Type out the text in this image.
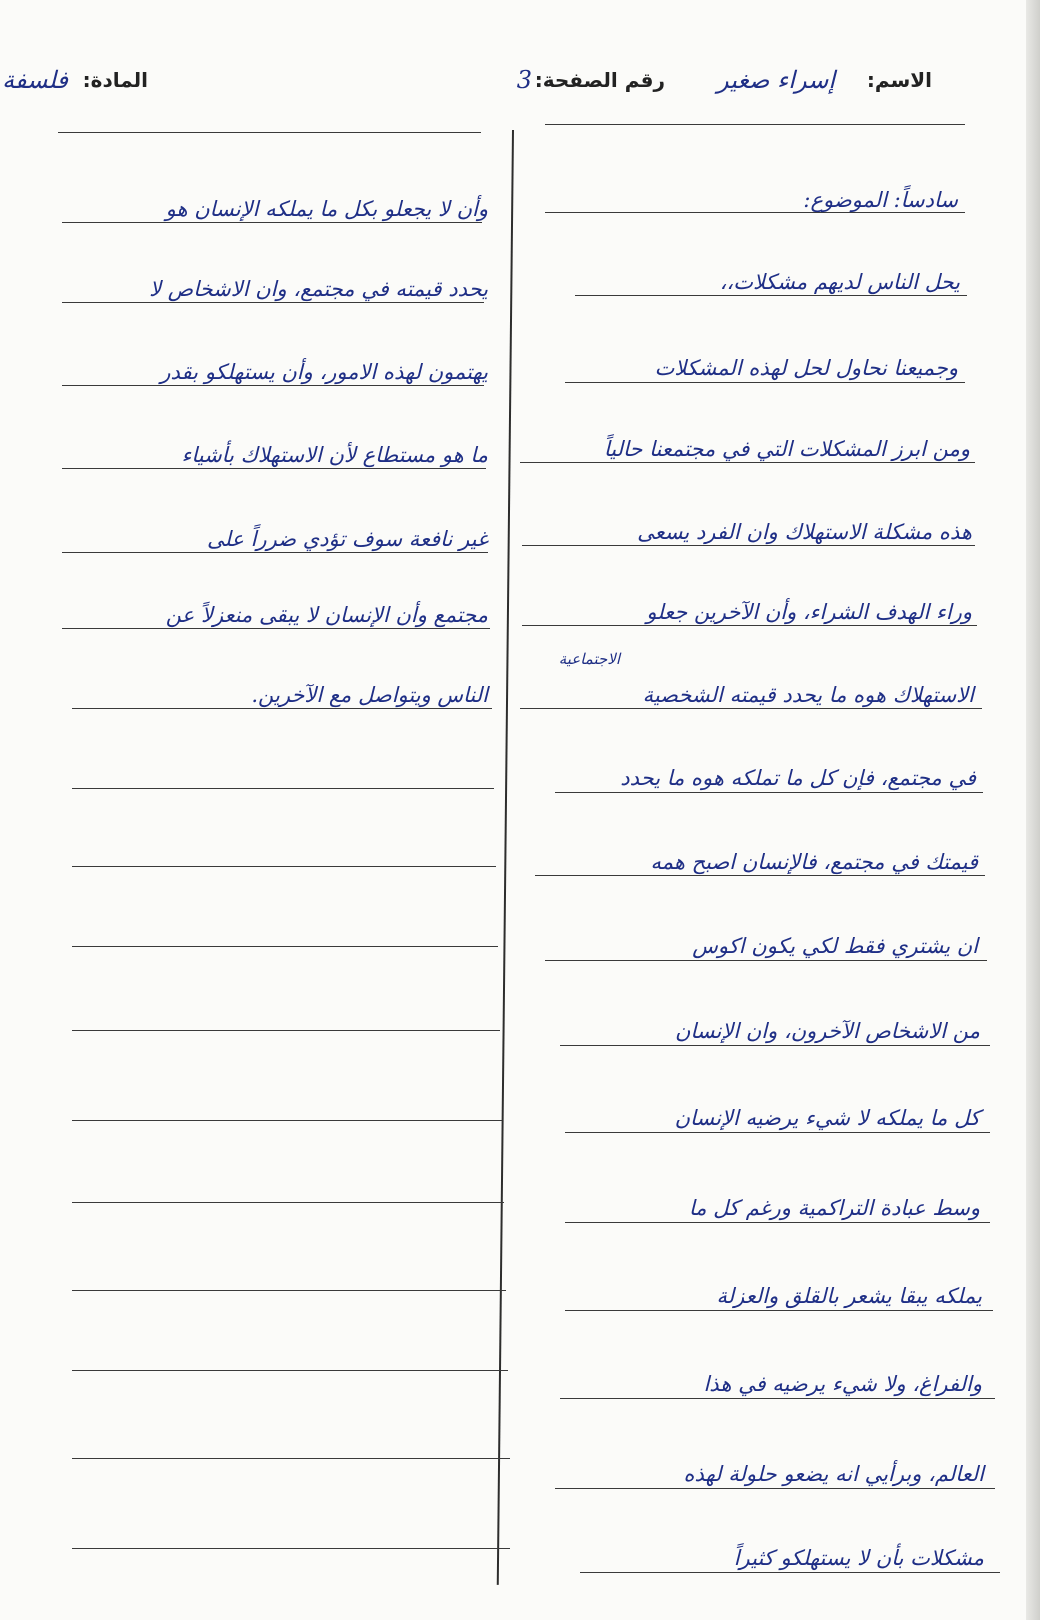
الاسم:
إسراء صغير
رقم الصفحة:
3
المادة:
فلسفة
سادساً: الموضوع:
يحل الناس لديهم مشكلات،،
وجميعنا نحاول لحل لهذه المشكلات
ومن ابرز المشكلات التي في مجتمعنا حالياً
هذه مشكلة الاستهلاك وان الفرد يسعى
وراء الهدف الشراء، وأن الآخرين جعلو
الاجتماعية
الاستهلاك هوه ما يحدد قيمته الشخصية
في مجتمع، فإن كل ما تملكه هوه ما يحدد
قيمتك في مجتمع، فالإنسان اصبح همه
ان يشتري فقط لكي يكون اكوس
من الاشخاص الآخرون، وان الإنسان
كل ما يملكه لا شيء يرضيه الإنسان
وسط عبادة التراكمية ورغم كل ما
يملكه يبقا يشعر بالقلق والعزلة
والفراغ، ولا شيء يرضيه في هذا
العالم، وبرأيي انه يضعو حلولة لهذه
مشكلات بأن لا يستهلكو كثيراً
وأن لا يجعلو بكل ما يملكه الإنسان هو
يحدد قيمته في مجتمع، وان الاشخاص لا
يهتمون لهذه الامور، وأن يستهلكو بقدر
ما هو مستطاع لأن الاستهلاك بأشياء
غير نافعة سوف تؤدي ضرراً على
مجتمع وأن الإنسان لا يبقى منعزلاً عن
الناس ويتواصل مع الآخرين.
